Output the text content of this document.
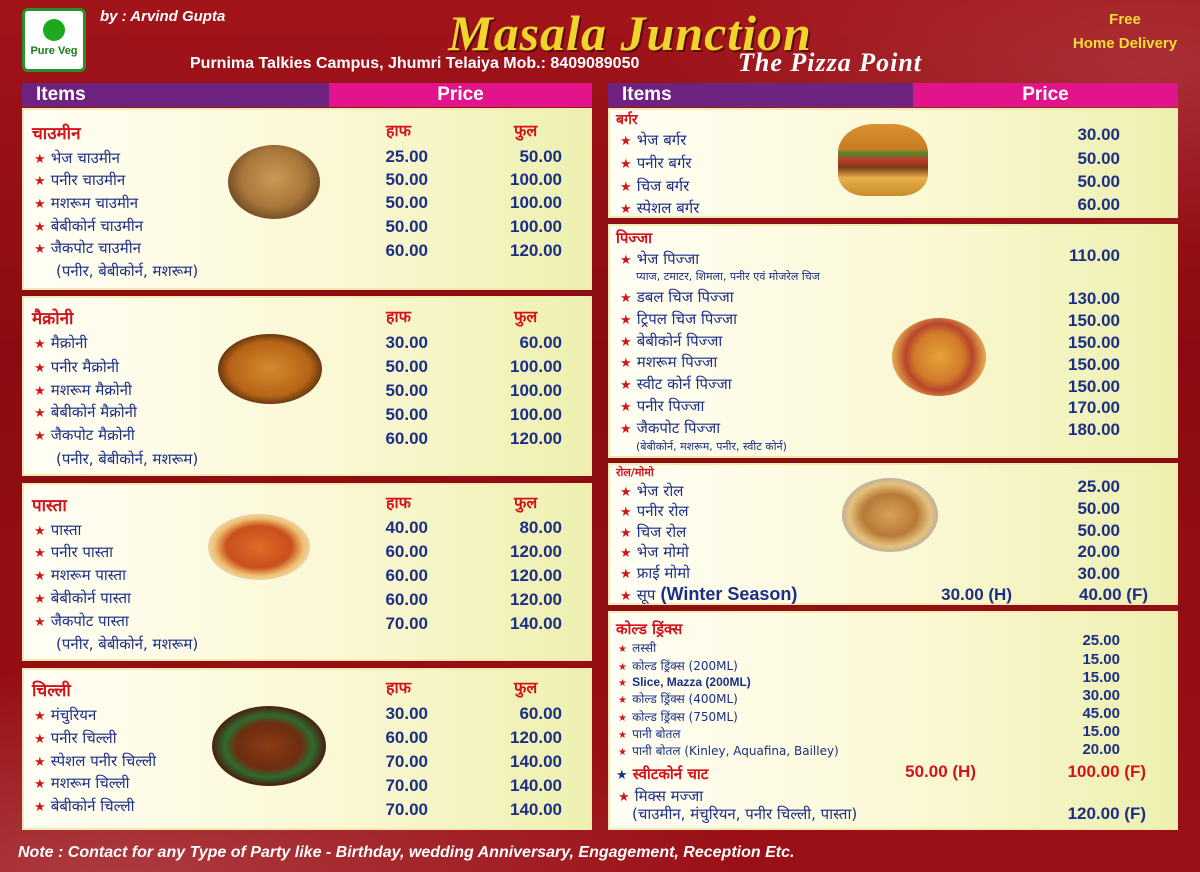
Pure Veg
by : Arvind Gupta	Masala Junction
Purnima Talkies Campus, Jhumri Telaiya Mob.: 8409089050	The Pizza Point
Free
Home Delivery
Items	Price	Items	Price
चाउमीन	हाफ	फुल
★ भेज चाउमीन	25.00	50.00
★ पनीर चाउमीन	50.00	100.00
★ मशरूम चाउमीन	50.00	100.00
★ बेबीकोर्न चाउमीन	50.00	100.00
★ जैकपोट चाउमीन	60.00	120.00
(पनीर, बेबीकोर्न, मशरूम)
मैक्रोनी	हाफ	फुल
★ मैक्रोनी	30.00	60.00
★ पनीर मैक्रोनी	50.00	100.00
★ मशरूम मैक्रोनी	50.00	100.00
★ बेबीकोर्न मैक्रोनी	50.00	100.00
★ जैकपोट मैक्रोनी	60.00	120.00
(पनीर, बेबीकोर्न, मशरूम)
पास्ता	हाफ	फुल
★ पास्ता	40.00	80.00
★ पनीर पास्ता	60.00	120.00
★ मशरूम पास्ता	60.00	120.00
★ बेबीकोर्न पास्ता	60.00	120.00
★ जैकपोट पास्ता	70.00	140.00
(पनीर, बेबीकोर्न, मशरूम)
चिल्ली	हाफ	फुल
★ मंचुरियन	30.00	60.00
★ पनीर चिल्ली	60.00	120.00
★ स्पेशल पनीर चिल्ली	70.00	140.00
★ मशरूम चिल्ली	70.00	140.00
★ बेबीकोर्न चिल्ली	70.00	140.00
बर्गर
★ भेज बर्गर	30.00
★ पनीर बर्गर	50.00
★ चिज बर्गर	50.00
★ स्पेशल बर्गर	60.00
पिज्जा
★ भेज पिज्जा	110.00
प्याज, टमाटर, शिमला, पनीर एवं मोजरेल चिज
★ डबल चिज पिज्जा	130.00
★ ट्रिपल चिज पिज्जा	150.00
★ बेबीकोर्न पिज्जा	150.00
★ मशरूम पिज्जा	150.00
★ स्वीट कोर्न पिज्जा	150.00
★ पनीर पिज्जा	170.00
★ जैकपोट पिज्जा	180.00
(बेबीकोर्न, मशरूम, पनीर, स्वीट कोर्न)
रोल/मोमो
★ भेज रोल	25.00
★ पनीर रोल	50.00
★ चिज रोल	50.00
★ भेज मोमो	20.00
★ फ्राई मोमो	30.00
★ सूप (Winter Season)	30.00 (H)	40.00 (F)
कोल्ड ड्रिंक्स
★ लस्सी	25.00
★ कोल्ड ड्रिंक्स (200ML)	15.00
★ Slice, Mazza (200ML)	15.00
★ कोल्ड ड्रिंक्स (400ML)	30.00
★ कोल्ड ड्रिंक्स (750ML)	45.00
★ पानी बोतल	15.00
★ पानी बोतल (Kinley, Aquafina, Bailley)	20.00
★ स्वीटकोर्न चाट	50.00 (H)	100.00 (F)
★ मिक्स मज्जा
(चाउमीन, मंचुरियन, पनीर चिल्ली, पास्ता)	120.00 (F)
Note : Contact for any Type of Party like - Birthday, wedding Anniversary, Engagement, Reception Etc.
